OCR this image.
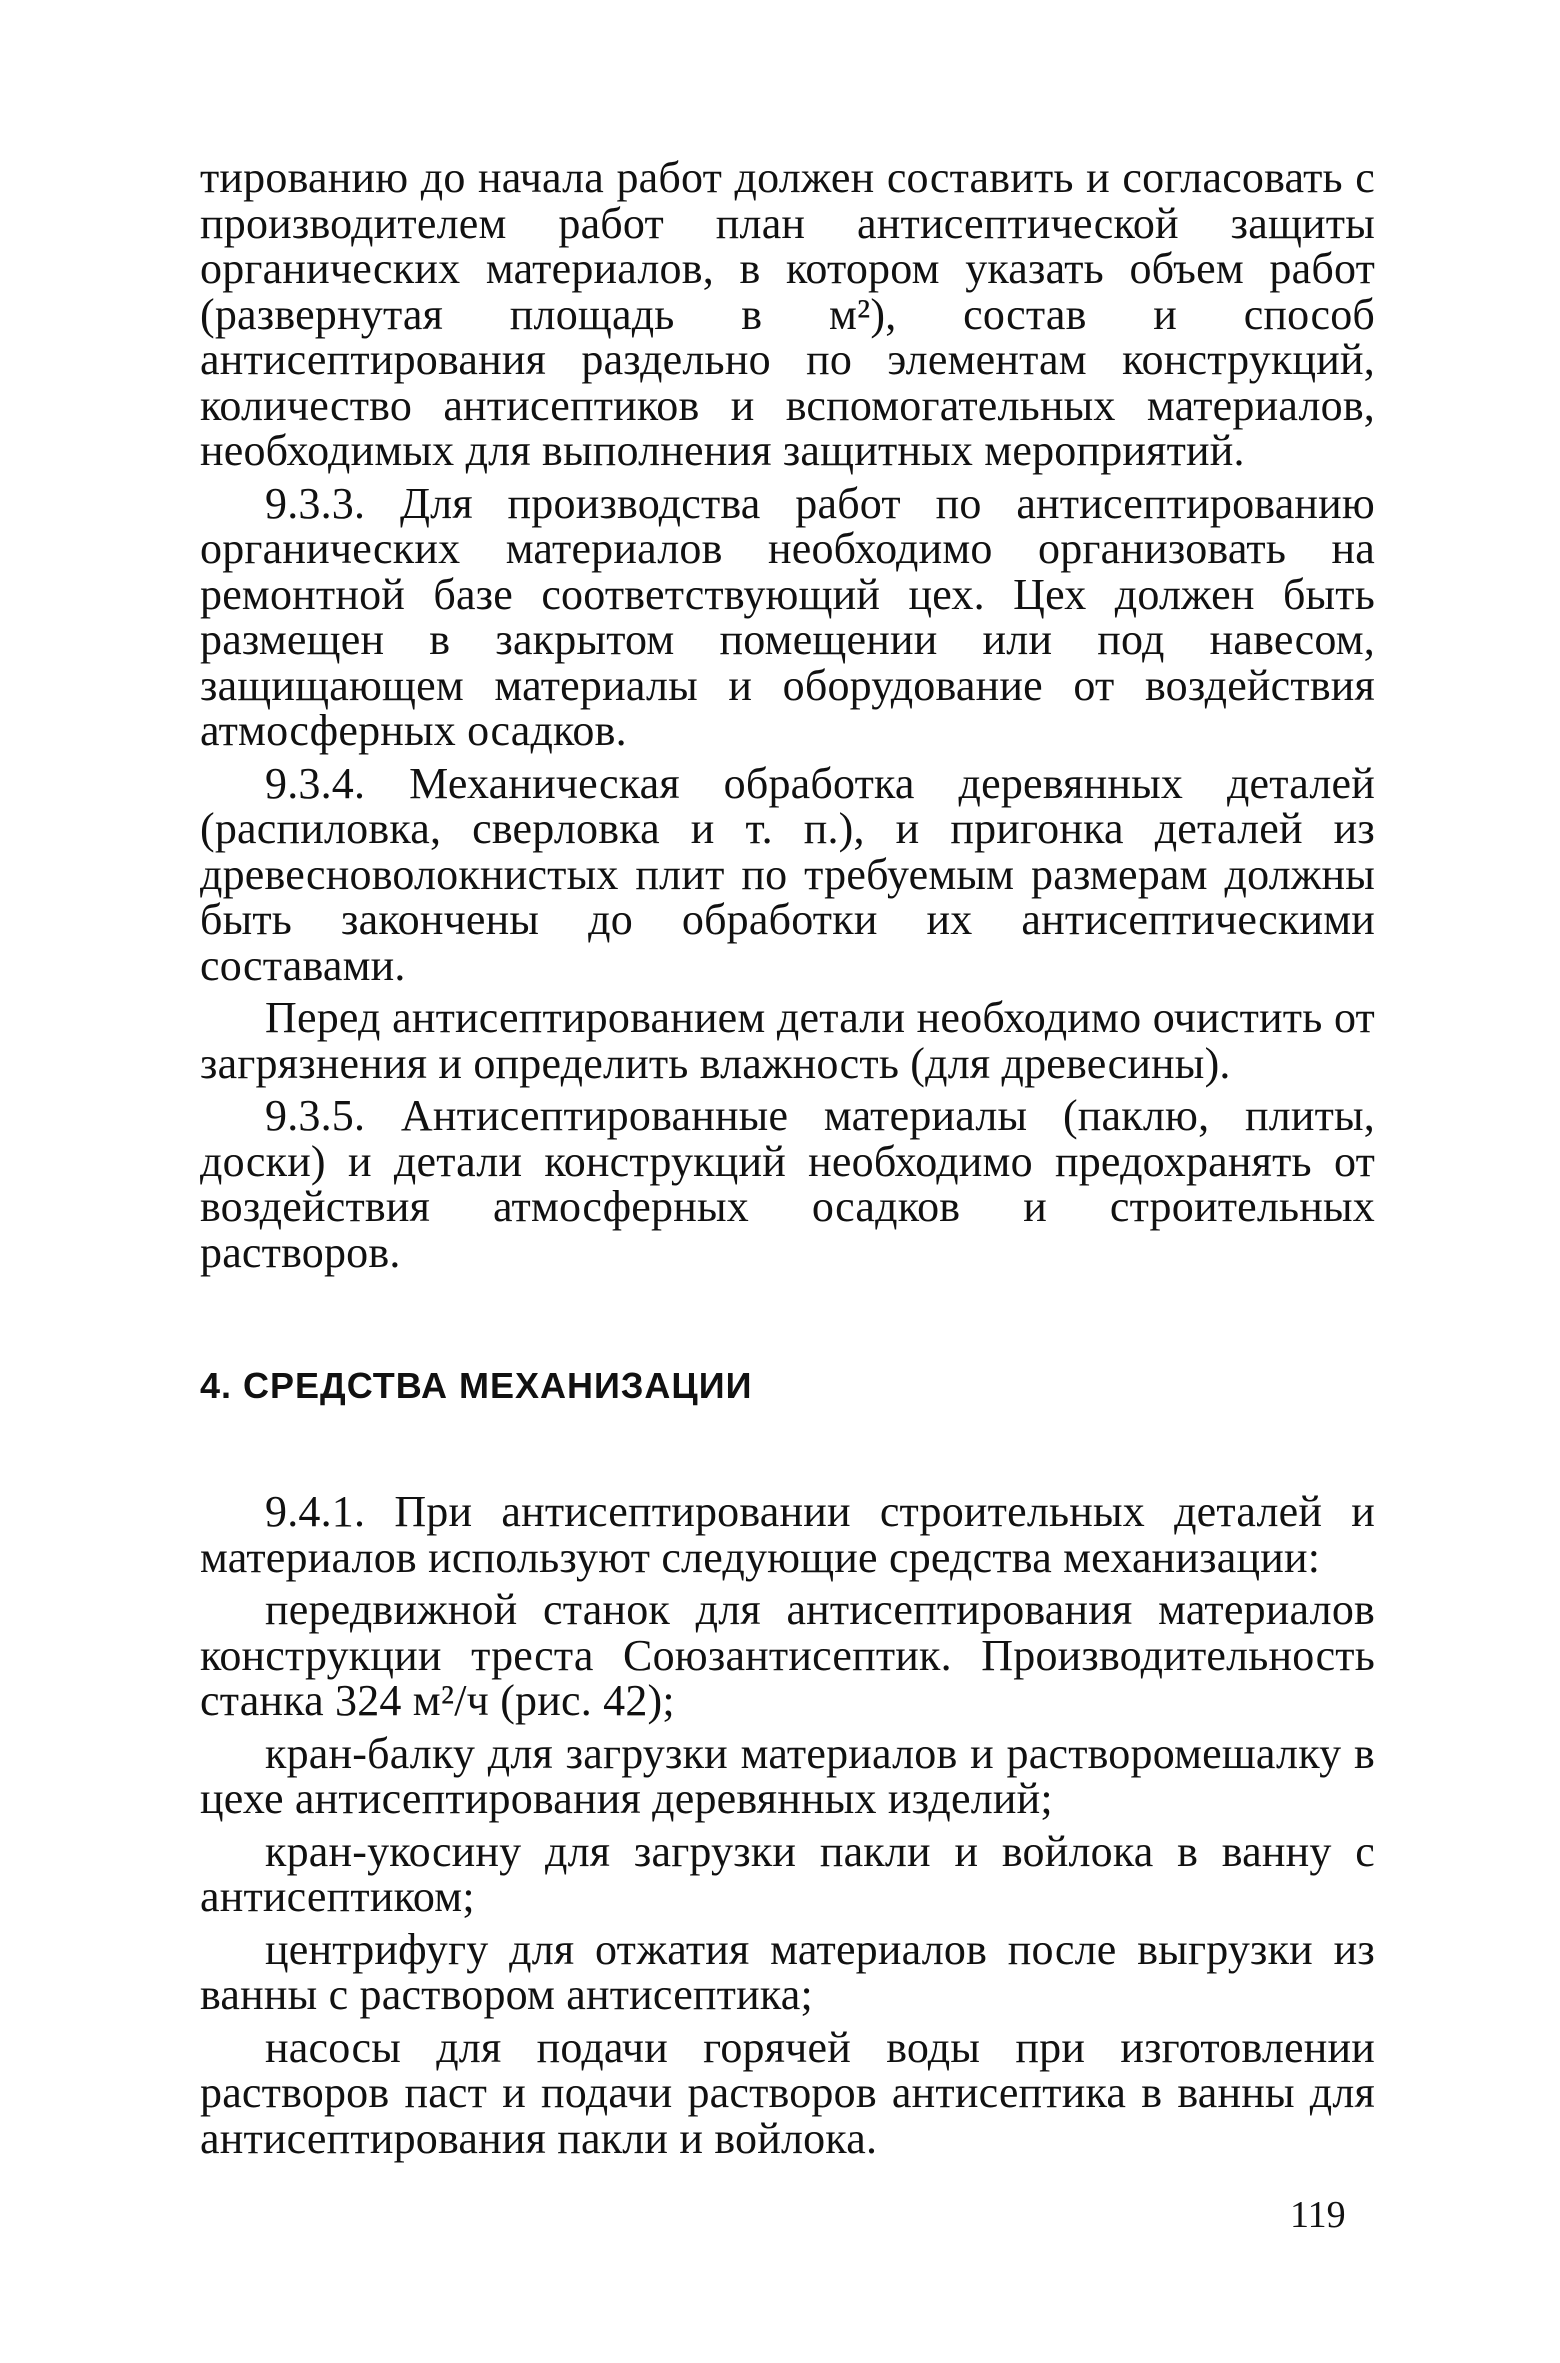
тированию до начала работ должен составить и согласовать с производителем работ план антисептической защиты органических материалов, в котором указать объем работ (развернутая площадь в м²), состав и способ антисептирования раздельно по элементам конструкций, количество антисептиков и вспомогательных материалов, необходимых для выполнения защитных мероприятий.

9.3.3. Для производства работ по антисептированию органических материалов необходимо организовать на ремонтной базе соответствующий цех. Цех должен быть размещен в закрытом помещении или под навесом, защищающем материалы и оборудование от воздействия атмосферных осадков.

9.3.4. Механическая обработка деревянных деталей (распиловка, сверловка и т. п.), и пригонка деталей из древесноволокнистых плит по требуемым размерам должны быть закончены до обработки их антисептическими составами.

Перед антисептированием детали необходимо очистить от загрязнения и определить влажность (для древесины).

9.3.5. Антисептированные материалы (паклю, плиты, доски) и детали конструкций необходимо предохранять от воздействия атмосферных осадков и строительных растворов.

4. СРЕДСТВА МЕХАНИЗАЦИИ

9.4.1. При антисептировании строительных деталей и материалов используют следующие средства механизации:

передвижной станок для антисептирования материалов конструкции треста Союзантисептик. Производительность станка 324 м²/ч (рис. 42);

кран-балку для загрузки материалов и растворомешалку в цехе антисептирования деревянных изделий;

кран-укосину для загрузки пакли и войлока в ванну с антисептиком;

центрифугу для отжатия материалов после выгрузки из ванны с раствором антисептика;

насосы для подачи горячей воды при изготовлении растворов паст и подачи растворов антисептика в ванны для антисептирования пакли и войлока.

119
